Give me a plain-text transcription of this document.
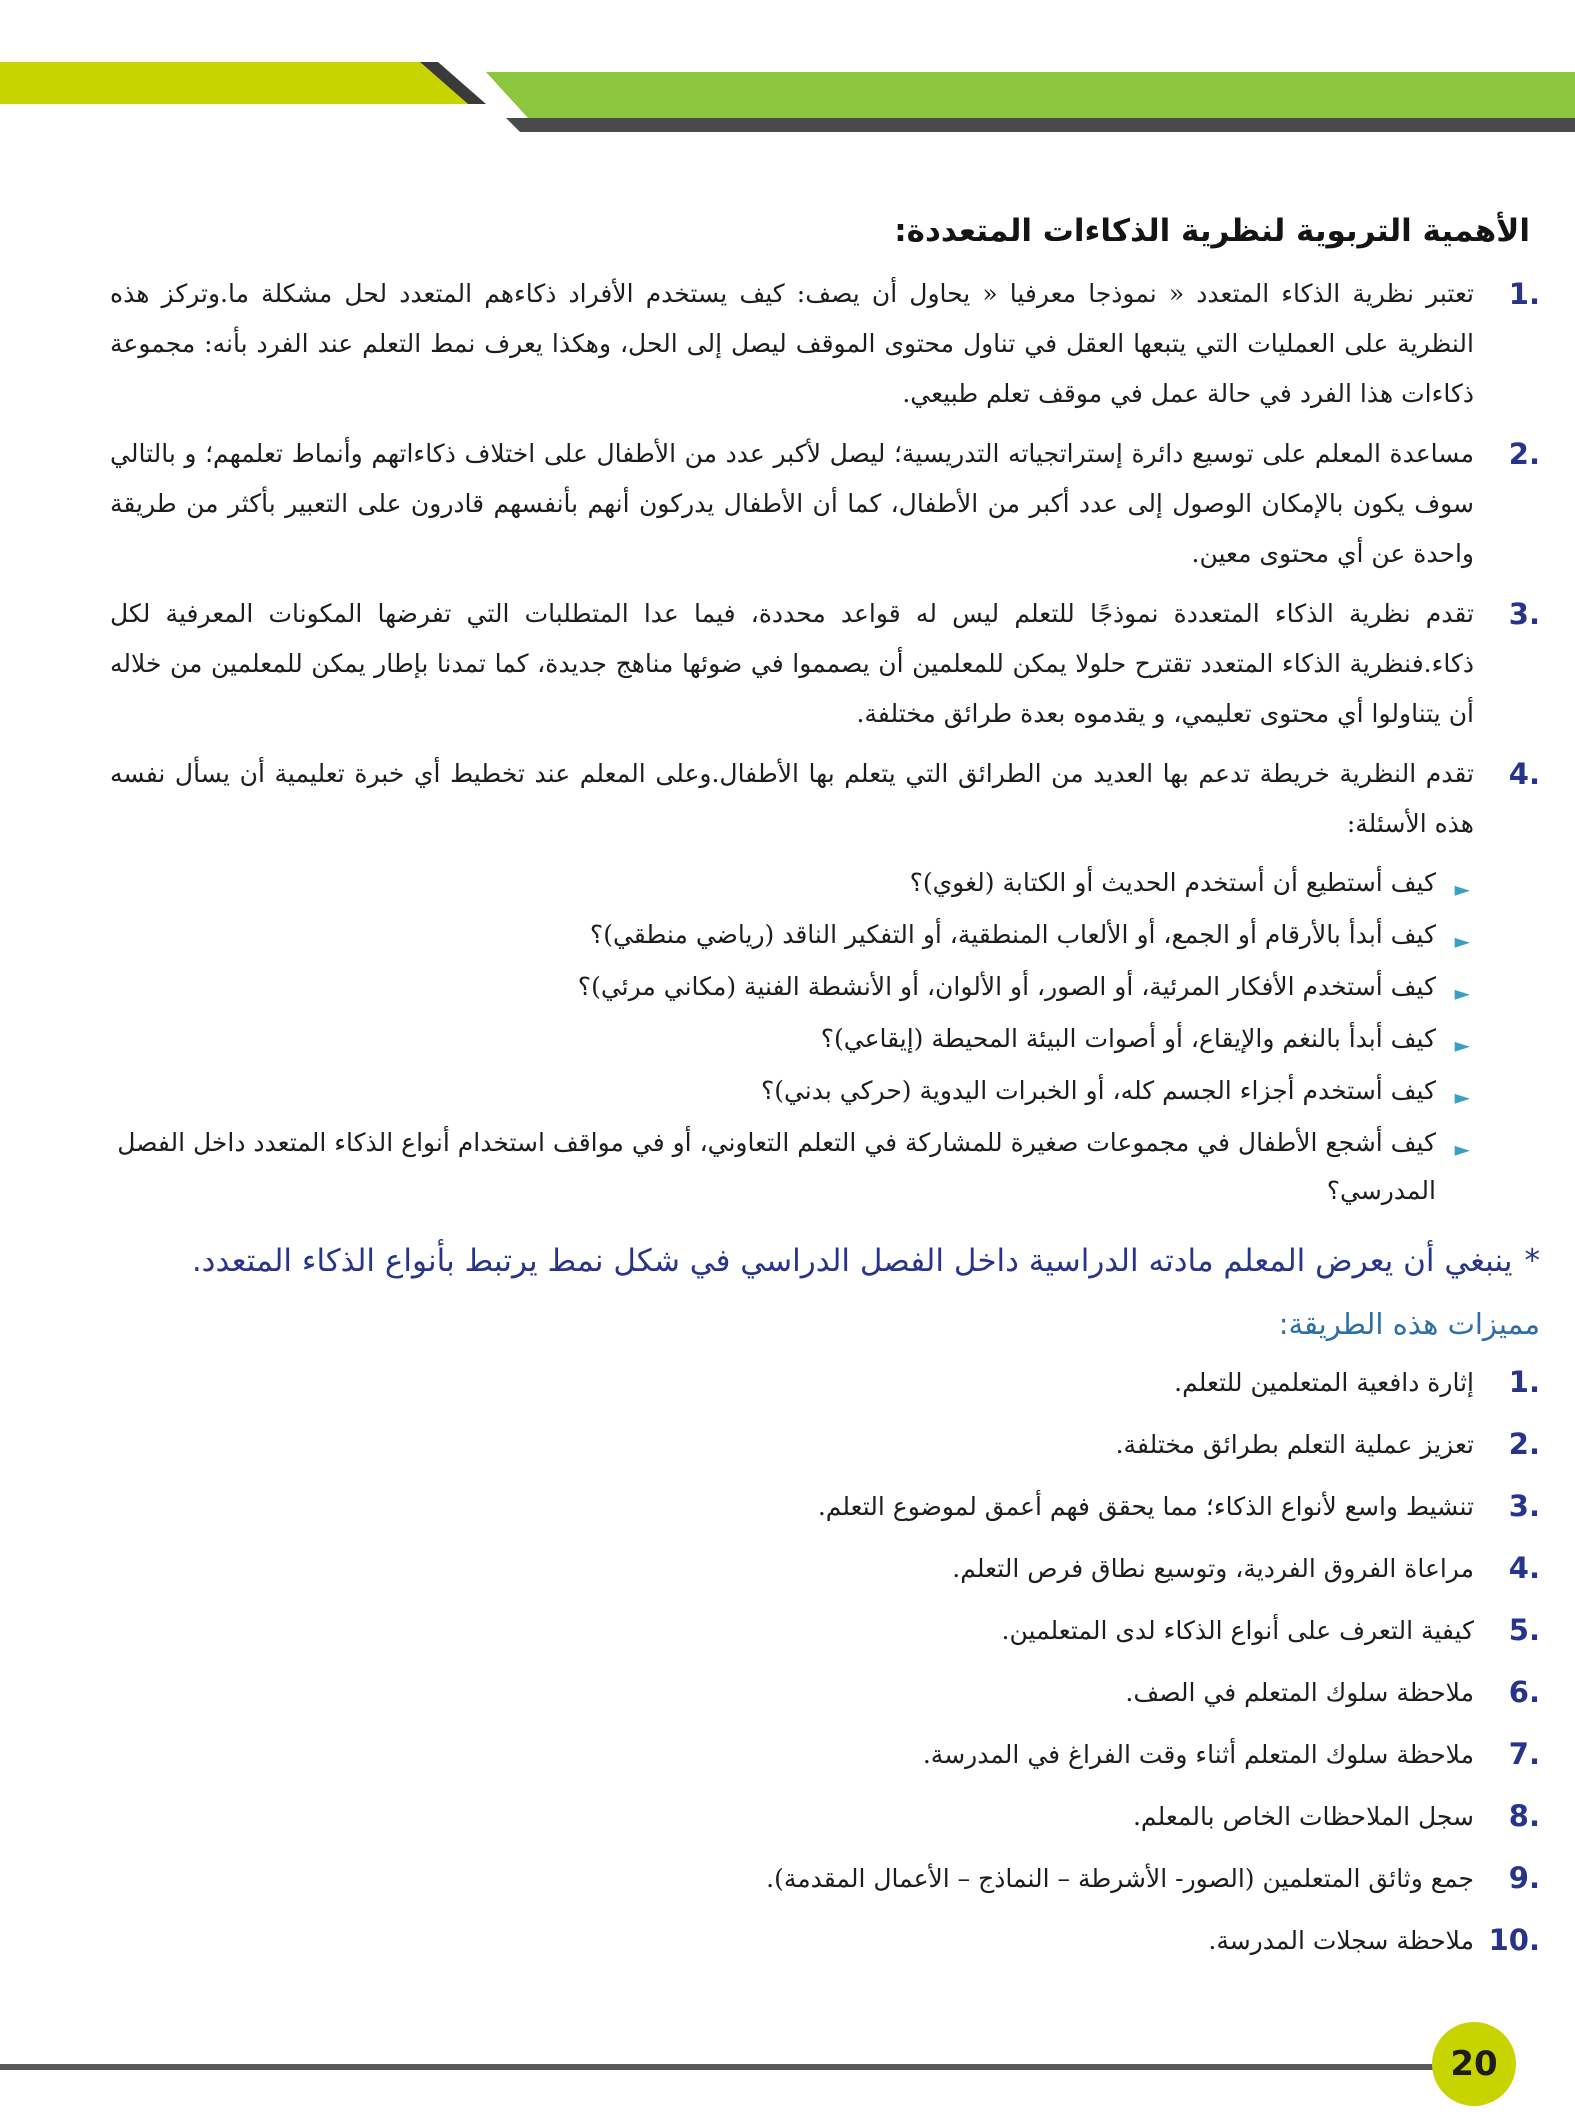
الأهمية التربوية لنظرية الذكاءات المتعددة:
1.
تعتبر نظرية الذكاء المتعدد « نموذجا معرفيا « يحاول أن يصف: كيف يستخدم الأفراد ذكاءهم المتعدد لحل مشكلة ما.وتركز هذه النظرية على العمليات التي يتبعها العقل في تناول محتوى الموقف ليصل إلى الحل، وهكذا يعرف نمط التعلم عند الفرد بأنه: مجموعة ذكاءات هذا الفرد في حالة عمل في موقف تعلم طبيعي.
2.
مساعدة المعلم على توسيع دائرة إستراتجياته التدريسية؛ ليصل لأكبر عدد من الأطفال على اختلاف ذكاءاتهم وأنماط تعلمهم؛ و بالتالي سوف يكون بالإمكان الوصول إلى عدد أكبر من الأطفال، كما أن الأطفال يدركون أنهم بأنفسهم قادرون على التعبير بأكثر من طريقة واحدة عن أي محتوى معين.
3.
تقدم نظرية الذكاء المتعددة نموذجًا للتعلم ليس له قواعد محددة، فيما عدا المتطلبات التي تفرضها المكونات المعرفية لكل ذكاء.فنظرية الذكاء المتعدد تقترح حلولا يمكن للمعلمين أن يصمموا في ضوئها مناهج جديدة، كما تمدنا بإطار يمكن للمعلمين من خلاله أن يتناولوا أي محتوى تعليمي، و يقدموه بعدة طرائق مختلفة.
4.
تقدم النظرية خريطة تدعم بها العديد من الطرائق التي يتعلم بها الأطفال.وعلى المعلم عند تخطيط أي خبرة تعليمية أن يسأل نفسه هذه الأسئلة:
►
كيف أستطيع أن أستخدم الحديث أو الكتابة (لغوي)؟
►
كيف أبدأ بالأرقام أو الجمع، أو الألعاب المنطقية، أو التفكير الناقد (رياضي منطقي)؟
►
كيف أستخدم الأفكار المرئية، أو الصور، أو الألوان، أو الأنشطة الفنية (مكاني مرئي)؟
►
كيف أبدأ بالنغم والإيقاع، أو أصوات البيئة المحيطة (إيقاعي)؟
►
كيف أستخدم أجزاء الجسم كله، أو الخبرات اليدوية (حركي بدني)؟
►
كيف أشجع الأطفال في مجموعات صغيرة للمشاركة في التعلم التعاوني، أو في مواقف استخدام أنواع الذكاء المتعدد داخل الفصل المدرسي؟
*ينبغي أن يعرض المعلم مادته الدراسية داخل الفصل الدراسي في شكل نمط يرتبط بأنواع الذكاء المتعدد.
مميزات هذه الطريقة:
1.
إثارة دافعية المتعلمين للتعلم.
2.
تعزيز عملية التعلم بطرائق مختلفة.
3.
تنشيط واسع لأنواع الذكاء؛ مما يحقق فهم أعمق لموضوع التعلم.
4.
مراعاة الفروق الفردية، وتوسيع نطاق فرص التعلم.
5.
كيفية التعرف على أنواع الذكاء لدى المتعلمين.
6.
ملاحظة سلوك المتعلم في الصف.
7.
ملاحظة سلوك المتعلم أثناء وقت الفراغ في المدرسة.
8.
سجل الملاحظات الخاص بالمعلم.
9.
جمع وثائق المتعلمين (الصور- الأشرطة – النماذج – الأعمال المقدمة).
10.
ملاحظة سجلات المدرسة.
20
